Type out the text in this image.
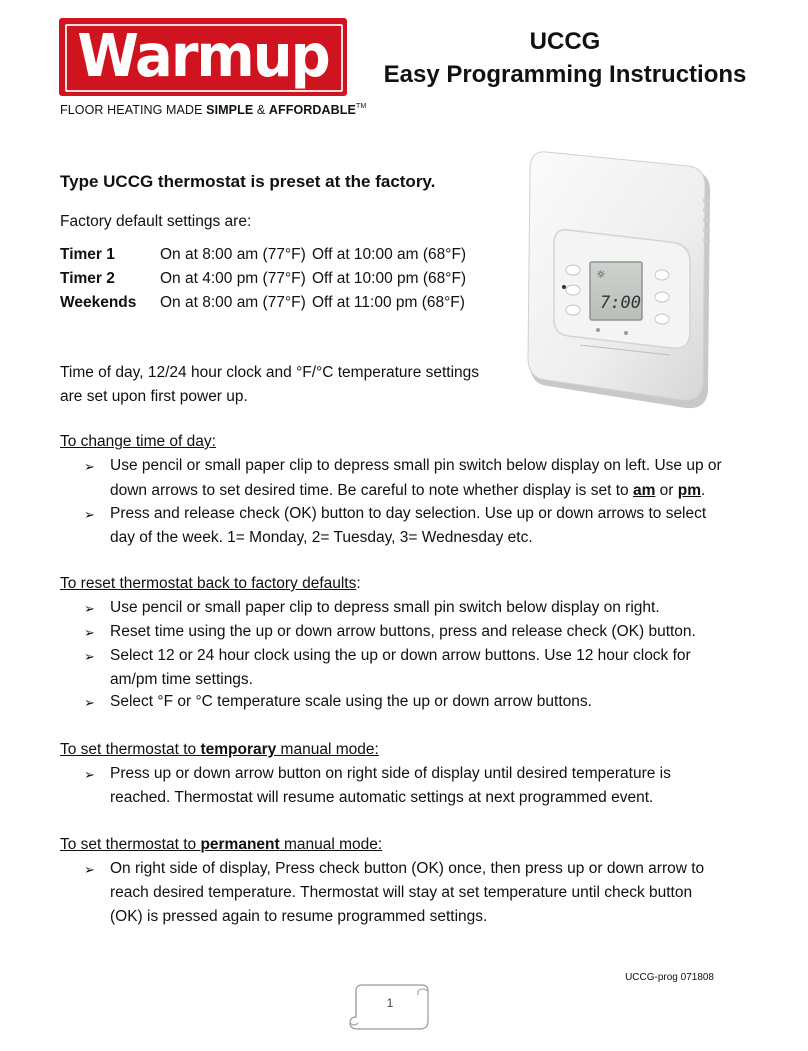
Warmup
FLOOR HEATING MADE SIMPLE & AFFORDABLE™
UCCG
Easy Programming Instructions
Type UCCG thermostat is preset at the factory.
Factory default settings are:
Timer 1	On at 8:00 am (77°F) Off at 10:00 am (68°F)
Timer 2	On at 4:00 pm (77°F) Off at 10:00 pm (68°F)
Weekends On at 8:00 am (77°F) Off at 11:00 pm (68°F)
Time of day, 12/24 hour clock and °F/°C temperature settings
are set upon first power up.
☼
7:00
To change time of day:
➢ Use pencil or small paper clip to depress small pin switch below display on left. Use up or
down arrows to set desired time. Be careful to note whether display is set to am or pm.
➢ Press and release check (OK) button to day selection. Use up or down arrows to select
day of the week. 1= Monday, 2= Tuesday, 3= Wednesday etc.
To reset thermostat back to factory defaults:
➢ Use pencil or small paper clip to depress small pin switch below display on right.
➢ Reset time using the up or down arrow buttons, press and release check (OK) button.
➢ Select 12 or 24 hour clock using the up or down arrow buttons. Use 12 hour clock for
am/pm time settings.
➢ Select °F or °C temperature scale using the up or down arrow buttons.
To set thermostat to temporary manual mode:
➢ Press up or down arrow button on right side of display until desired temperature is
reached. Thermostat will resume automatic settings at next programmed event.
To set thermostat to permanent manual mode:
➢ On right side of display, Press check button (OK) once, then press up or down arrow to
reach desired temperature. Thermostat will stay at set temperature until check button
(OK) is pressed again to resume programmed settings.
UCCG-prog 071808
1
